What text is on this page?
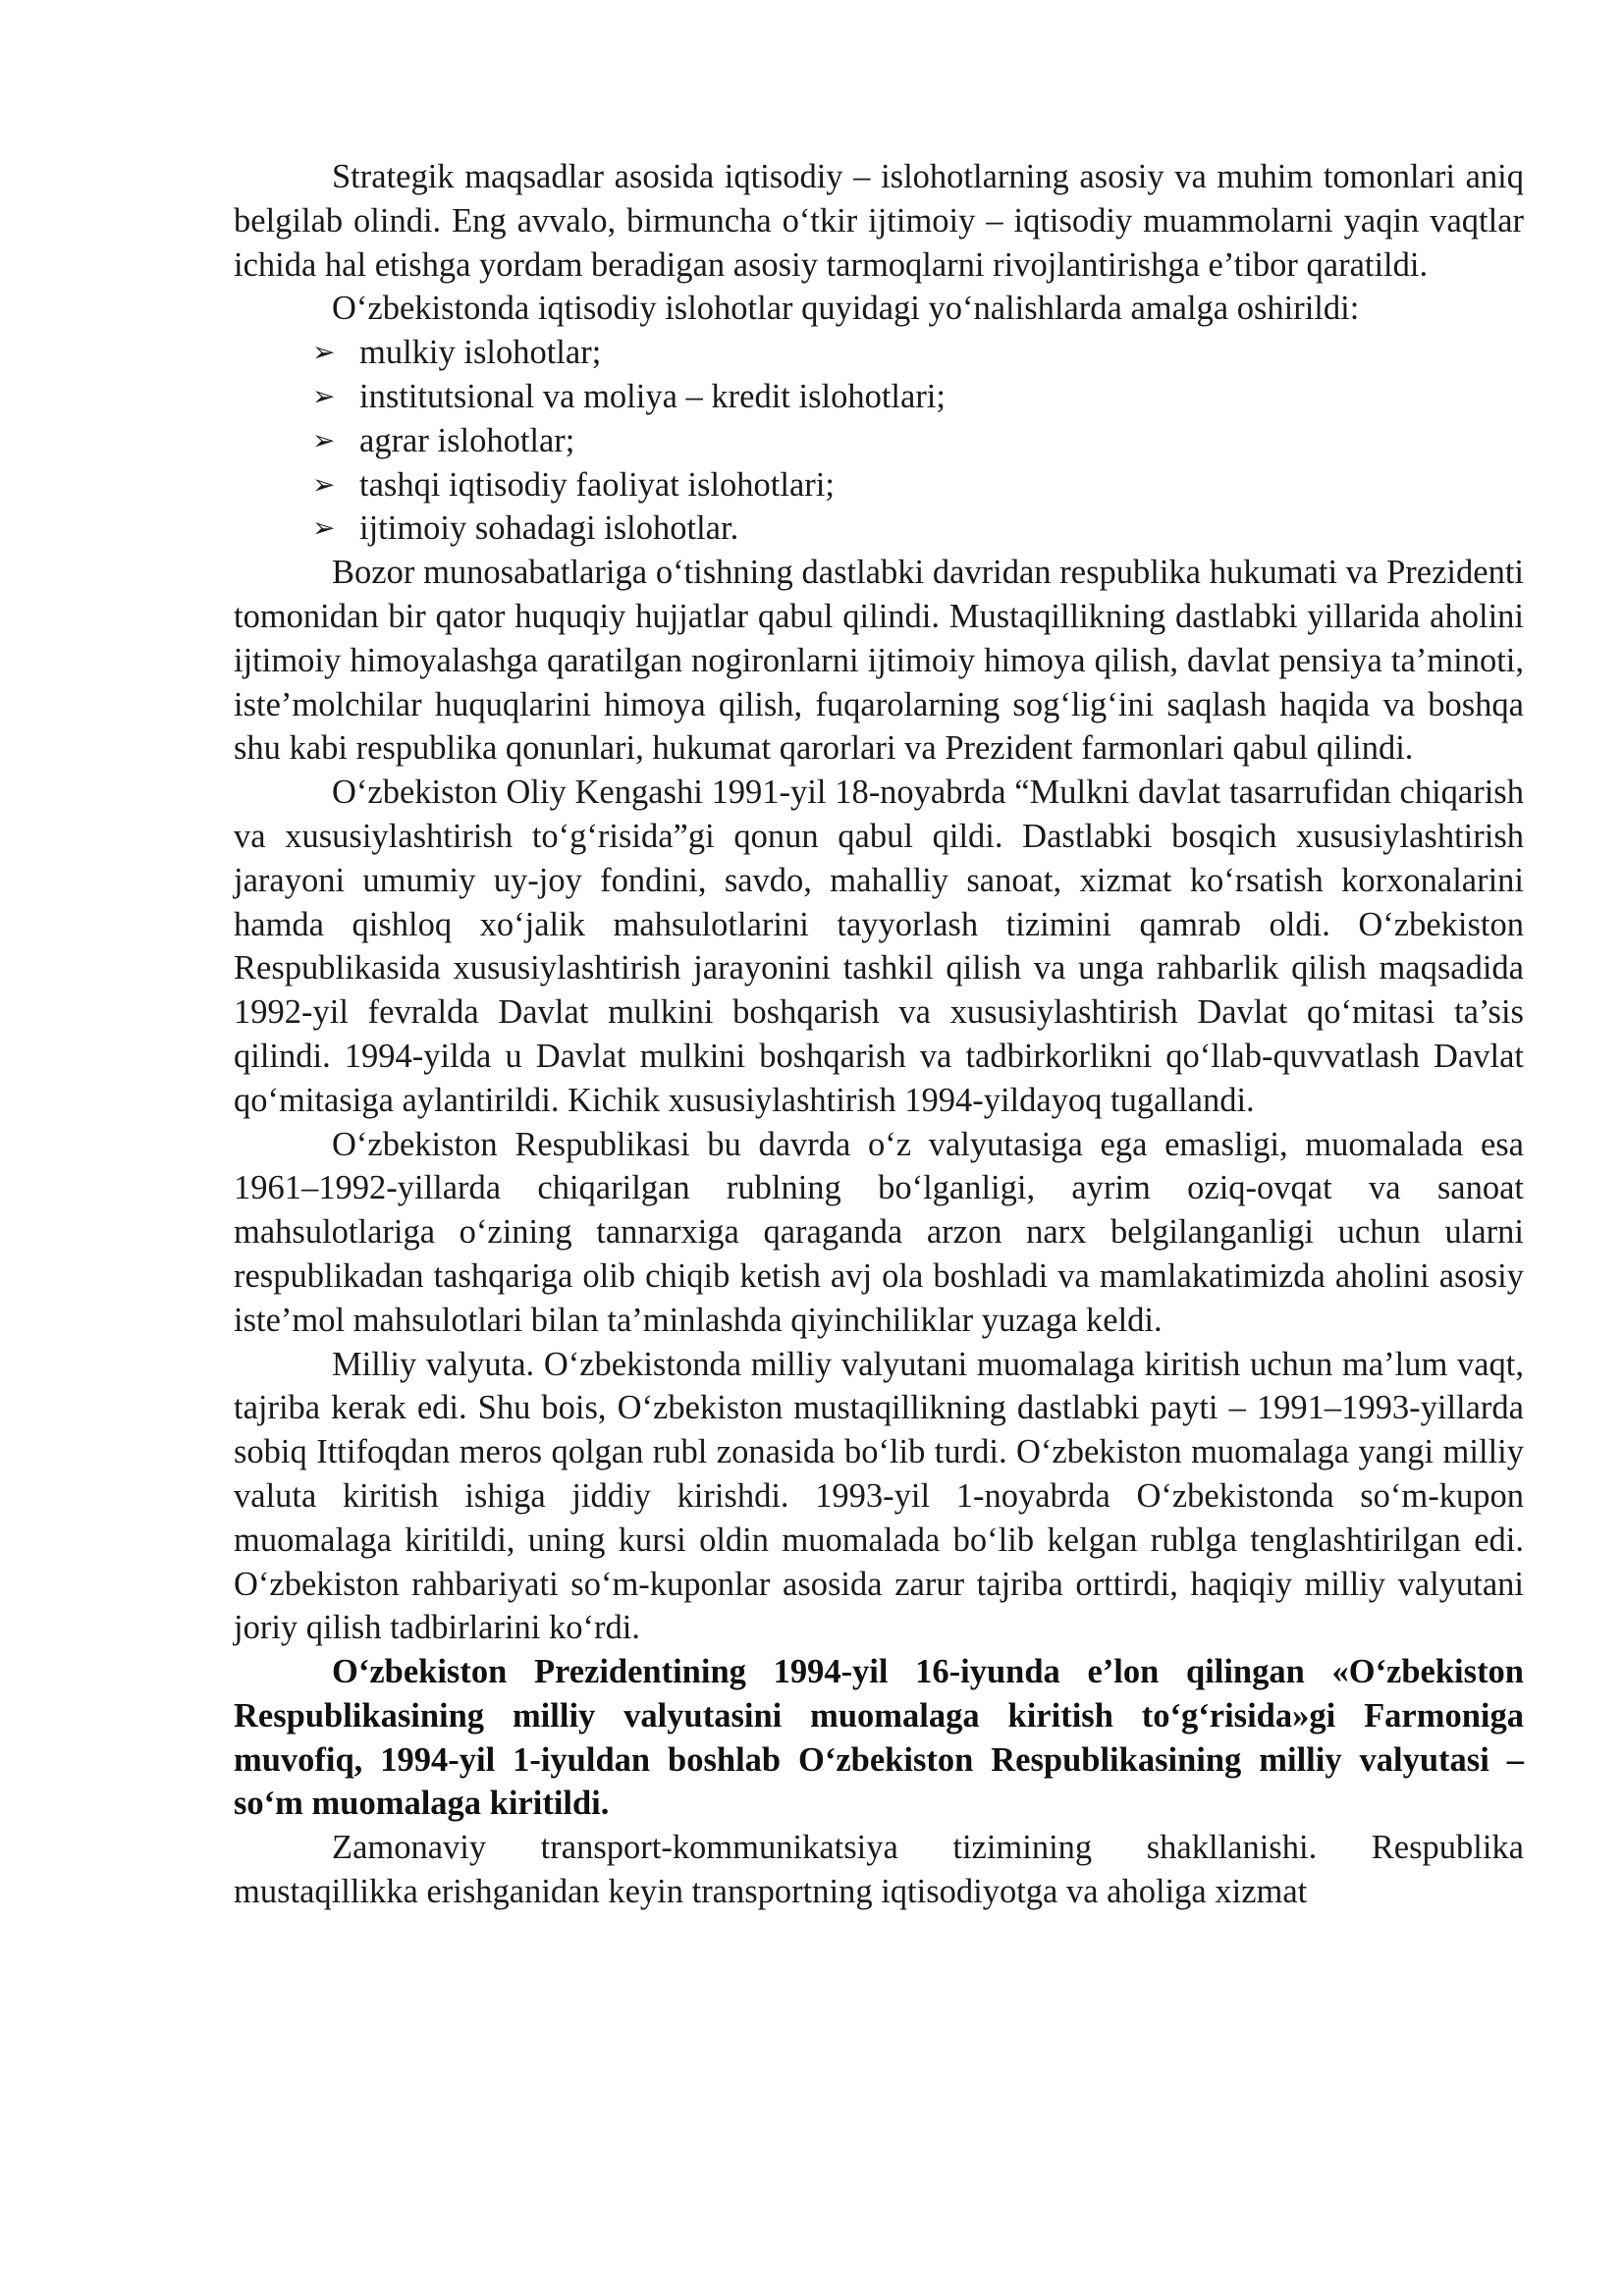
Strategik maqsadlar asosida iqtisodiy – islohotlarning asosiy va muhim tomonlari aniq belgilab olindi. Eng avvalo, birmuncha o‘tkir ijtimoiy – iqtisodiy muammolarni yaqin vaqtlar ichida hal etishga yordam beradigan asosiy tarmoqlarni rivojlantirishga e’tibor qaratildi.

O‘zbekistonda iqtisodiy islohotlar quyidagi yo‘nalishlarda amalga oshirildi:

➢ mulkiy islohotlar;
➢ institutsional va moliya – kredit islohotlari;
➢ agrar islohotlar;
➢ tashqi iqtisodiy faoliyat islohotlari;
➢ ijtimoiy sohadagi islohotlar.

Bozor munosabatlariga o‘tishning dastlabki davridan respublika hukumati va Prezidenti tomonidan bir qator huquqiy hujjatlar qabul qilindi. Mustaqillikning dastlabki yillarida aholini ijtimoiy himoyalashga qaratilgan nogironlarni ijtimoiy himoya qilish, davlat pensiya ta’minoti, iste’molchilar huquqlarini himoya qilish, fuqarolarning sog‘lig‘ini saqlash haqida va boshqa shu kabi respublika qonunlari, hukumat qarorlari va Prezident farmonlari qabul qilindi.

O‘zbekiston Oliy Kengashi 1991-yil 18-noyabrda “Mulkni davlat tasarrufidan chiqarish va xususiylashtirish to‘g‘risida”gi qonun qabul qildi. Dastlabki bosqich xususiylashtirish jarayoni umumiy uy-joy fondini, savdo, mahalliy sanoat, xizmat ko‘rsatish korxonalarini hamda qishloq xo‘jalik mahsulotlarini tayyorlash tizimini qamrab oldi. O‘zbekiston Respublikasida xususiylashtirish jarayonini tashkil qilish va unga rahbarlik qilish maqsadida 1992-yil fevralda Davlat mulkini boshqarish va xususiylashtirish Davlat qo‘mitasi ta’sis qilindi. 1994-yilda u Davlat mulkini boshqarish va tadbirkorlikni qo‘llab-quvvatlash Davlat qo‘mitasiga aylantirildi. Kichik xususiylashtirish 1994-yildayoq tugallandi.

O‘zbekiston Respublikasi bu davrda o‘z valyutasiga ega emasligi, muomalada esa 1961–1992-yillarda chiqarilgan rublning bo‘lganligi, ayrim oziq-ovqat va sanoat mahsulotlariga o‘zining tannarxiga qaraganda arzon narx belgilanganligi uchun ularni respublikadan tashqariga olib chiqib ketish avj ola boshladi va mamlakatimizda aholini asosiy iste’mol mahsulotlari bilan ta’minlashda qiyinchiliklar yuzaga keldi.

Milliy valyuta. O‘zbekistonda milliy valyutani muomalaga kiritish uchun ma’lum vaqt, tajriba kerak edi. Shu bois, O‘zbekiston mustaqillikning dastlabki payti – 1991–1993-yillarda sobiq Ittifoqdan meros qolgan rubl zonasida bo‘lib turdi. O‘zbekiston muomalaga yangi milliy valuta kiritish ishiga jiddiy kirishdi. 1993-yil 1-noyabrda O‘zbekistonda so‘m-kupon muomalaga kiritildi, uning kursi oldin muomalada bo‘lib kelgan rublga tenglashtirilgan edi. O‘zbekiston rahbariyati so‘m-kuponlar asosida zarur tajriba orttirdi, haqiqiy milliy valyutani joriy qilish tadbirlarini ko‘rdi.

O‘zbekiston Prezidentining 1994-yil 16-iyunda e’lon qilingan «O‘zbekiston Respublikasining milliy valyutasini muomalaga kiritish to‘g‘risida»gi Farmoniga muvofiq, 1994-yil 1-iyuldan boshlab O‘zbekiston Respublikasining milliy valyutasi – so‘m muomalaga kiritildi.

Zamonaviy transport-kommunikatsiya tizimining shakllanishi. Respublika mustaqillikka erishganidan keyin transportning iqtisodiyotga va aholiga xizmat
